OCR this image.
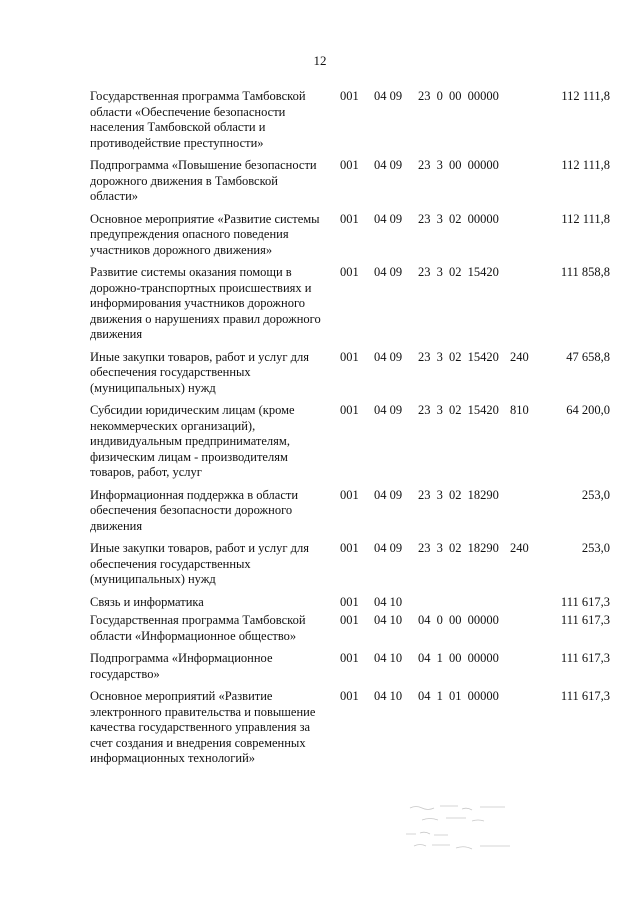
12
Государственная программа Тамбовской области «Обеспечение безопасности населения Тамбовской области и противодействие преступности»
001 04 09 23 0 00 00000	112 111,8
Подпрограмма «Повышение безопасности дорожного движения в Тамбовской области»
001 04 09 23 3 00 00000	112 111,8
Основное мероприятие «Развитие системы предупреждения опасного поведения участников дорожного движения»
001 04 09 23 3 02 00000	112 111,8
Развитие системы оказания помощи в дорожно-транспортных происшествиях и информирования участников дорожного движения о нарушениях правил дорожного движения
001 04 09 23 3 02 15420	111 858,8
Иные закупки товаров, работ и услуг для обеспечения государственных (муниципальных) нужд
001 04 09 23 3 02 15420 240	47 658,8
Субсидии юридическим лицам (кроме некоммерческих организаций), индивидуальным предпринимателям, физическим лицам - производителям товаров, работ, услуг
001 04 09 23 3 02 15420 810	64 200,0
Информационная поддержка в области обеспечения безопасности дорожного движения
001 04 09 23 3 02 18290	253,0
Иные закупки товаров, работ и услуг для обеспечения государственных (муниципальных) нужд
001 04 09 23 3 02 18290 240	253,0
Связь и информатика	001 04 10	111 617,3
Государственная программа Тамбовской области «Информационное общество»
001 04 10 04 0 00 00000	111 617,3
Подпрограмма «Информационное государство»
001 04 10 04 1 00 00000	111 617,3
Основное мероприятий «Развитие электронного правительства и повышение качества государственного управления за счет создания и внедрения современных информационных технологий»
001 04 10 04 1 01 00000	111 617,3
